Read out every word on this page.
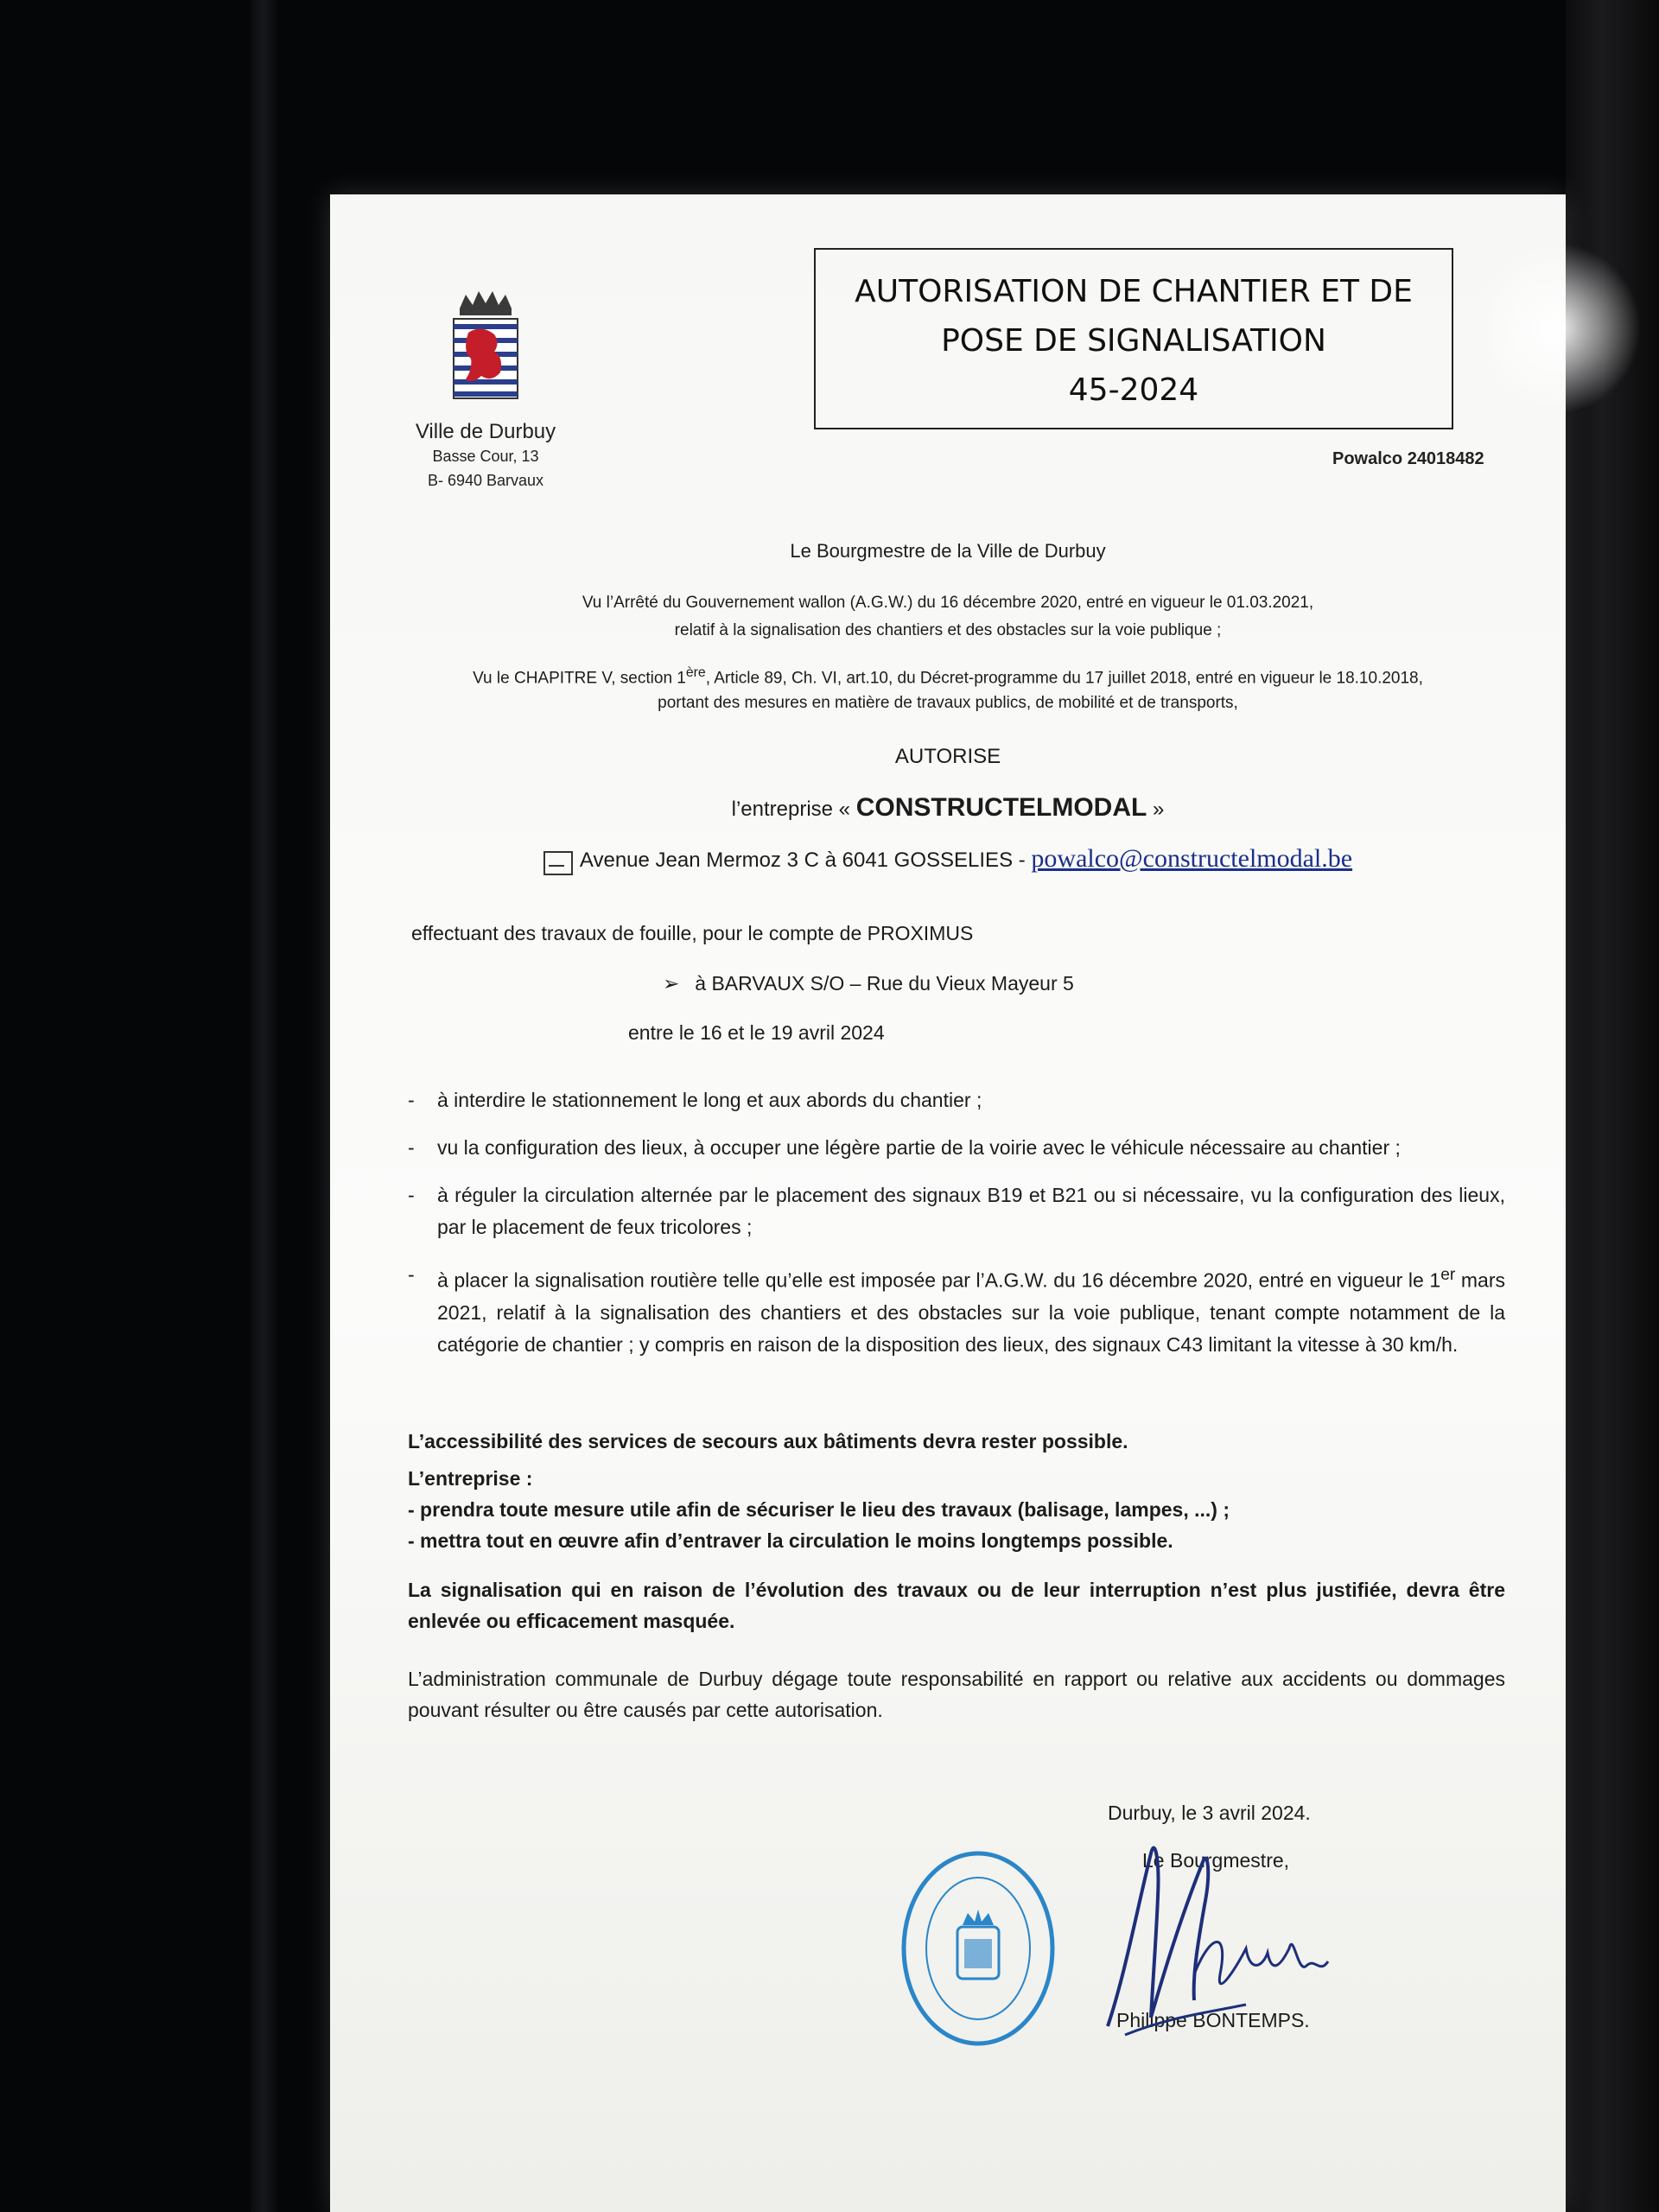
Ville de Durbuy
Basse Cour, 13
B- 6940 Barvaux
AUTORISATION DE CHANTIER ET DE
POSE DE SIGNALISATION
45-2024
Powalco 24018482
Le Bourgmestre de la Ville de Durbuy
Vu l’Arrêté du Gouvernement wallon (A.G.W.) du 16 décembre 2020, entré en vigueur le 01.03.2021,
relatif à la signalisation des chantiers et des obstacles sur la voie publique ;
Vu le CHAPITRE V, section 1ère, Article 89, Ch. VI, art.10, du Décret-programme du 17 juillet 2018, entré en vigueur le 18.10.2018,
portant des mesures en matière de travaux publics, de mobilité et de transports,
AUTORISE
l’entreprise « CONSTRUCTELMODAL »
Avenue Jean Mermoz 3 C à 6041 GOSSELIES - powalco@constructelmodal.be
effectuant des travaux de fouille, pour le compte de PROXIMUS
➢ à BARVAUX S/O – Rue du Vieux Mayeur 5
entre le 16 et le 19 avril 2024
- à interdire le stationnement le long et aux abords du chantier ;
- vu la configuration des lieux, à occuper une légère partie de la voirie avec le véhicule nécessaire au chantier ;
- à réguler la circulation alternée par le placement des signaux B19 et B21 ou si nécessaire, vu la configuration des lieux, par le placement de feux tricolores ;
- à placer la signalisation routière telle qu’elle est imposée par l’A.G.W. du 16 décembre 2020, entré en vigueur le 1er mars 2021, relatif à la signalisation des chantiers et des obstacles sur la voie publique, tenant compte notamment de la catégorie de chantier ; y compris en raison de la disposition des lieux, des signaux C43 limitant la vitesse à 30 km/h.
L’accessibilité des services de secours aux bâtiments devra rester possible.
L’entreprise :
- prendra toute mesure utile afin de sécuriser le lieu des travaux (balisage, lampes, ...) ;
- mettra tout en œuvre afin d’entraver la circulation le moins longtemps possible.
La signalisation qui en raison de l’évolution des travaux ou de leur interruption n’est plus justifiée, devra être enlevée ou efficacement masquée.
L’administration communale de Durbuy dégage toute responsabilité en rapport ou relative aux accidents ou dommages pouvant résulter ou être causés par cette autorisation.
Durbuy, le 3 avril 2024.
Le Bourgmestre,
Philippe BONTEMPS.
